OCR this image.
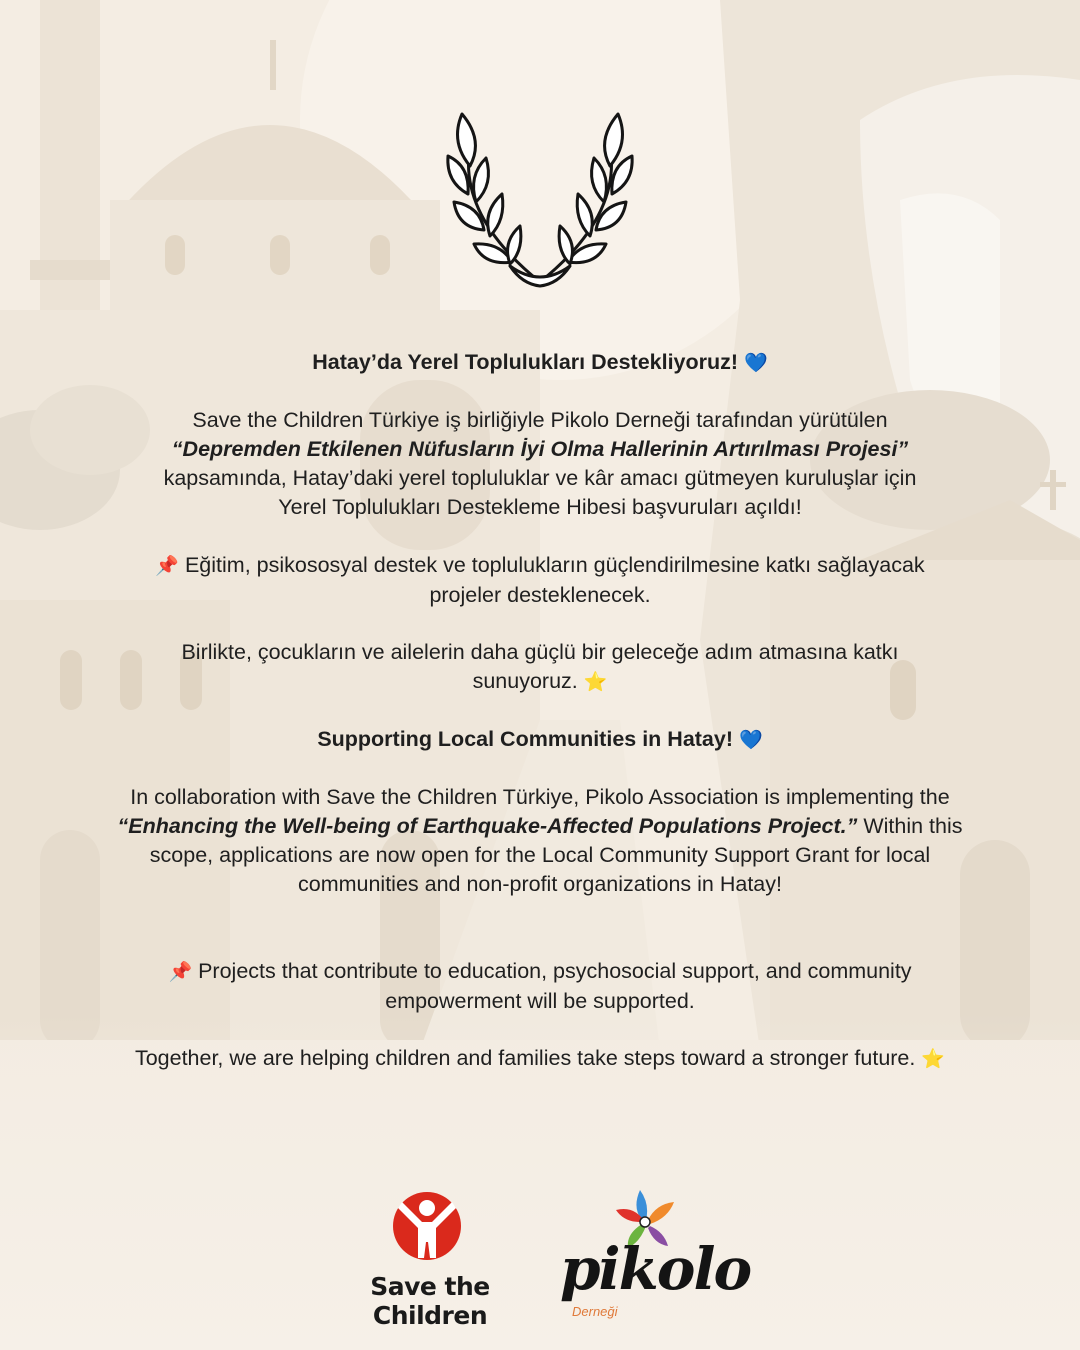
Hatay’da Yerel Toplulukları Destekliyoruz! 💙

Save the Children Türkiye iş birliğiyle Pikolo Derneği tarafından yürütülen

“Depremden Etkilenen Nüfusların İyi Olma Hallerinin Artırılması Projesi”

kapsamında, Hatay’daki yerel topluluklar ve kâr amacı gütmeyen kuruluşlar için Yerel Toplulukları Destekleme Hibesi başvuruları açıldı!

📌 Eğitim, psikososyal destek ve toplulukların güçlendirilmesine katkı sağlayacak projeler desteklenecek.

Birlikte, çocukların ve ailelerin daha güçlü bir geleceğe adım atmasına katkı sunuyoruz. ⭐

Supporting Local Communities in Hatay! 💙

In collaboration with Save the Children Türkiye, Pikolo Association is implementing the “Enhancing the Well-being of Earthquake-Affected Populations Project.” Within this scope, applications are now open for the Local Community Support Grant for local communities and non-profit organizations in Hatay!

📌 Projects that contribute to education, psychosocial support, and community empowerment will be supported.

Together, we are helping children and families take steps toward a stronger future. ⭐

Save the
Children
pikolo
Derneği
